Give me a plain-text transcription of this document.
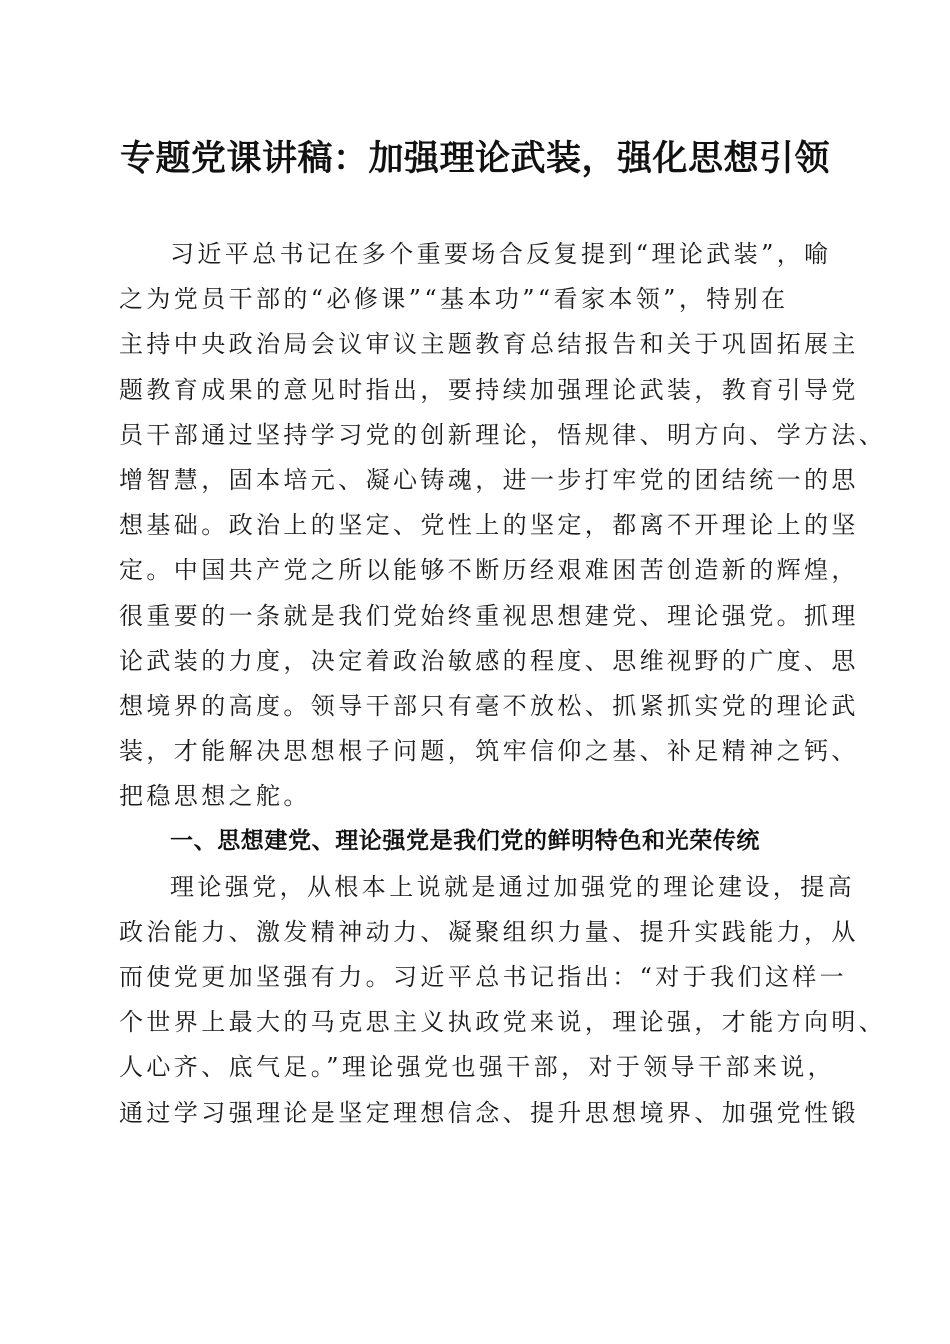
专题党课讲稿：加强理论武装，强化思想引领
习近平总书记在多个重要场合反复提到“理论武装”，喻
之为党员干部的“必修课”“基本功”“看家本领”，特别在
主持中央政治局会议审议主题教育总结报告和关于巩固拓展主
题教育成果的意见时指出，要持续加强理论武装，教育引导党
员干部通过坚持学习党的创新理论，悟规律、明方向、学方法、
增智慧，固本培元、凝心铸魂，进一步打牢党的团结统一的思
想基础。政治上的坚定、党性上的坚定，都离不开理论上的坚
定。中国共产党之所以能够不断历经艰难困苦创造新的辉煌，
很重要的一条就是我们党始终重视思想建党、理论强党。抓理
论武装的力度，决定着政治敏感的程度、思维视野的广度、思
想境界的高度。领导干部只有毫不放松、抓紧抓实党的理论武
装，才能解决思想根子问题，筑牢信仰之基、补足精神之钙、
把稳思想之舵。
一、思想建党、理论强党是我们党的鲜明特色和光荣传统
理论强党，从根本上说就是通过加强党的理论建设，提高
政治能力、激发精神动力、凝聚组织力量、提升实践能力，从
而使党更加坚强有力。习近平总书记指出：“对于我们这样一
个世界上最大的马克思主义执政党来说，理论强，才能方向明、
人心齐、底气足。”理论强党也强干部，对于领导干部来说，
通过学习强理论是坚定理想信念、提升思想境界、加强党性锻
